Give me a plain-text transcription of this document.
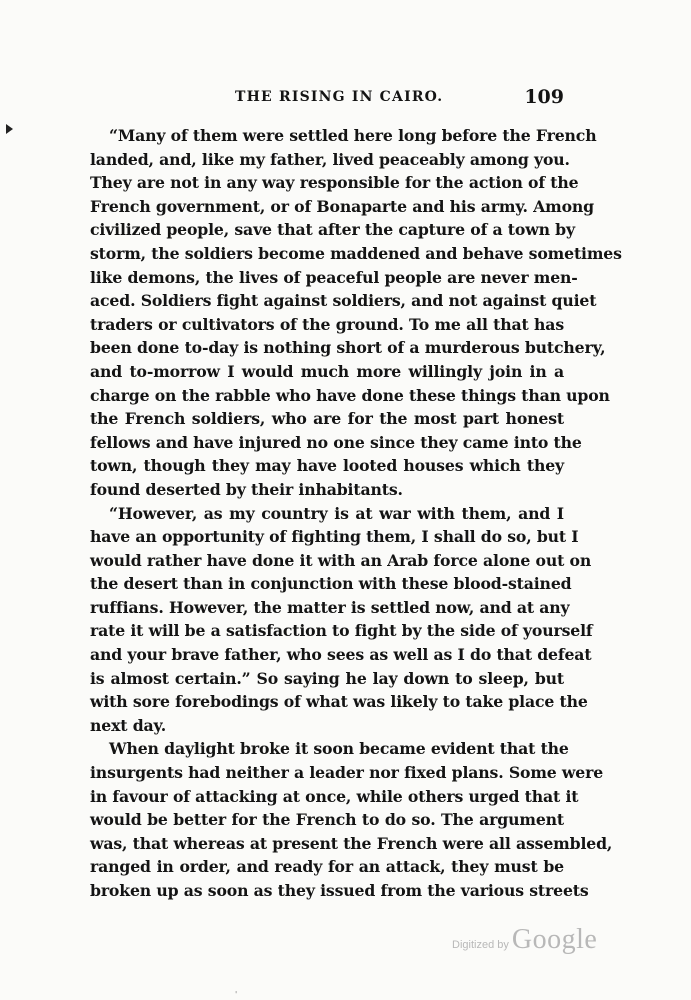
THE RISING IN CAIRO.	109
“Many of them were settled here long before the French
landed, and, like my father, lived peaceably among you.
They are not in any way responsible for the action of the
French government, or of Bonaparte and his army. Among
civilized people, save that after the capture of a town by
storm, the soldiers become maddened and behave sometimes
like demons, the lives of peaceful people are never men-
aced. Soldiers fight against soldiers, and not against quiet
traders or cultivators of the ground. To me all that has
been done to-day is nothing short of a murderous butchery,
and to-morrow I would much more willingly join in a
charge on the rabble who have done these things than upon
the French soldiers, who are for the most part honest
fellows and have injured no one since they came into the
town, though they may have looted houses which they
found deserted by their inhabitants.
“However, as my country is at war with them, and I
have an opportunity of fighting them, I shall do so, but I
would rather have done it with an Arab force alone out on
the desert than in conjunction with these blood-stained
ruffians. However, the matter is settled now, and at any
rate it will be a satisfaction to fight by the side of yourself
and your brave father, who sees as well as I do that defeat
is almost certain.” So saying he lay down to sleep, but
with sore forebodings of what was likely to take place the
next day.
When daylight broke it soon became evident that the
insurgents had neither a leader nor fixed plans. Some were
in favour of attacking at once, while others urged that it
would be better for the French to do so. The argument
was, that whereas at present the French were all assembled,
ranged in order, and ready for an attack, they must be
broken up as soon as they issued from the various streets
Digitized by Google
'
